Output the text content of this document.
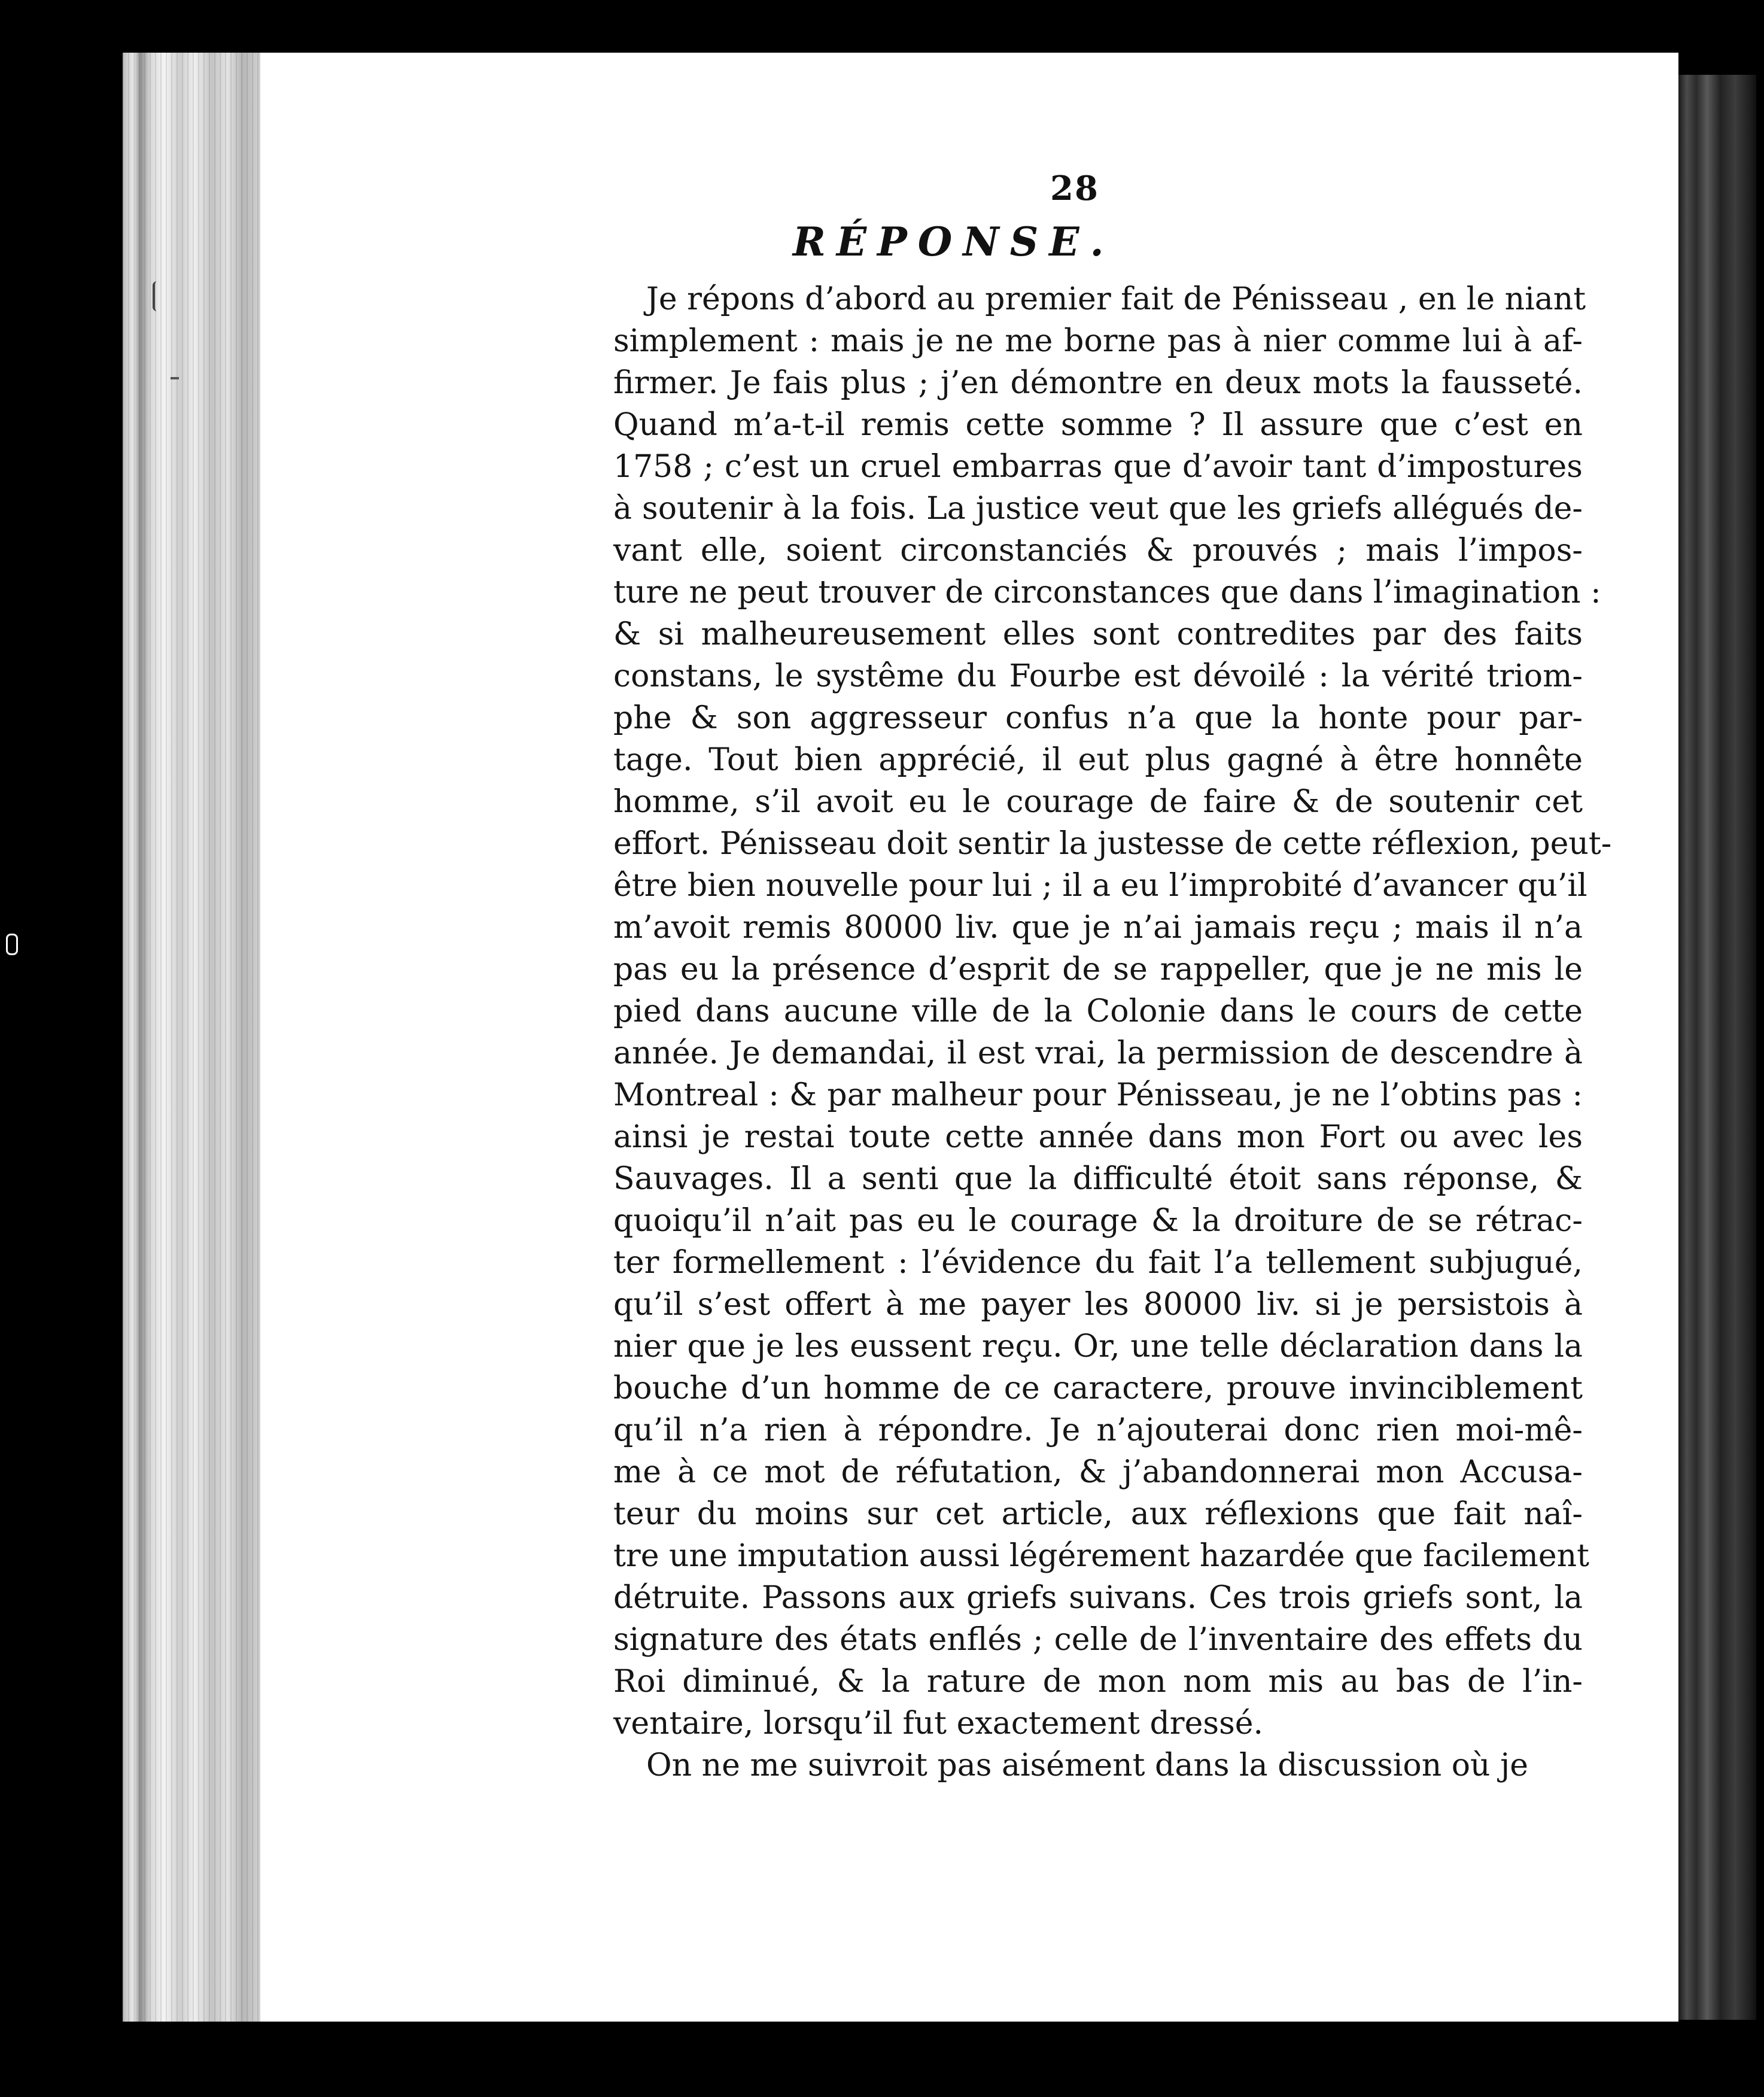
28
RÉPONSE.
Je répons d’abord au premier fait de Pénisseau , en le niant
simplement : mais je ne me borne pas à nier comme lui à af-
firmer. Je fais plus ; j’en démontre en deux mots la fausseté.
Quand m’a-t-il remis cette somme ? Il assure que c’est en
1758 ; c’est un cruel embarras que d’avoir tant d’impostures
à soutenir à la fois. La justice veut que les griefs allégués de-
vant elle, soient circonstanciés & prouvés ; mais l’impos-
ture ne peut trouver de circonstances que dans l’imagination :
& si malheureusement elles sont contredites par des faits
constans, le systême du Fourbe est dévoilé : la vérité triom-
phe & son aggresseur confus n’a que la honte pour par-
tage. Tout bien apprécié, il eut plus gagné à être honnête
homme, s’il avoit eu le courage de faire & de soutenir cet
effort. Pénisseau doit sentir la justesse de cette réflexion, peut-
être bien nouvelle pour lui ; il a eu l’improbité d’avancer qu’il
m’avoit remis 80000 liv. que je n’ai jamais reçu ; mais il n’a
pas eu la présence d’esprit de se rappeller, que je ne mis le
pied dans aucune ville de la Colonie dans le cours de cette
année. Je demandai, il est vrai, la permission de descendre à
Montreal : & par malheur pour Pénisseau, je ne l’obtins pas :
ainsi je restai toute cette année dans mon Fort ou avec les
Sauvages. Il a senti que la difficulté étoit sans réponse, &
quoiqu’il n’ait pas eu le courage & la droiture de se rétrac-
ter formellement : l’évidence du fait l’a tellement subjugué,
qu’il s’est offert à me payer les 80000 liv. si je persistois à
nier que je les eussent reçu. Or, une telle déclaration dans la
bouche d’un homme de ce caractere, prouve invinciblement
qu’il n’a rien à répondre. Je n’ajouterai donc rien moi-mê-
me à ce mot de réfutation, & j’abandonnerai mon Accusa-
teur du moins sur cet article, aux réflexions que fait naî-
tre une imputation aussi légérement hazardée que facilement
détruite. Passons aux griefs suivans. Ces trois griefs sont, la
signature des états enflés ; celle de l’inventaire des effets du
Roi diminué, & la rature de mon nom mis au bas de l’in-
ventaire, lorsqu’il fut exactement dressé.
On ne me suivroit pas aisément dans la discussion où je
